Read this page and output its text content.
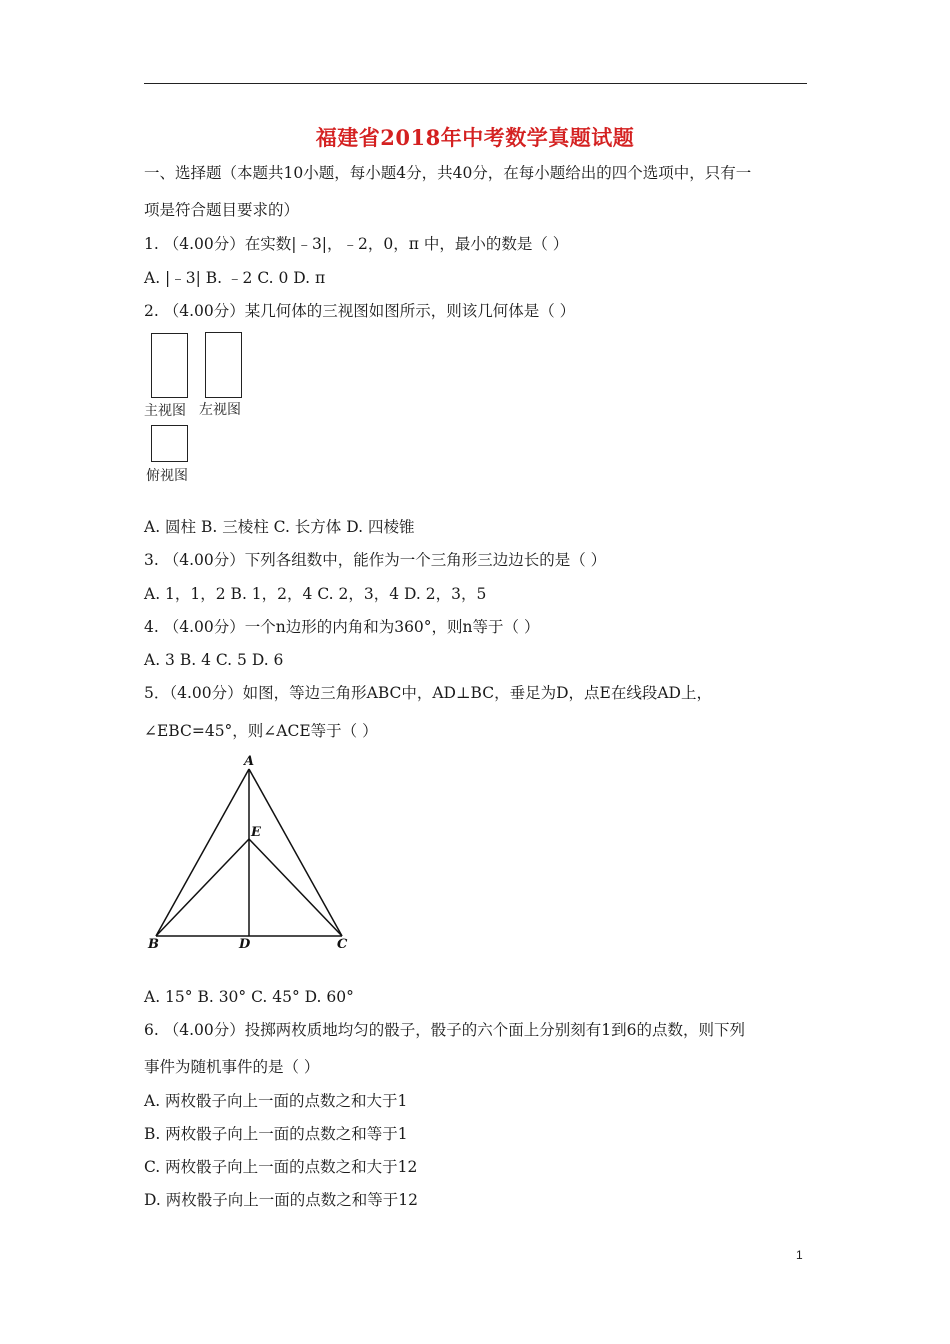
福建省2018年中考数学真题试题
一、选择题（本题共10小题，每小题4分，共40分，在每小题给出的四个选项中，只有一
项是符合题目要求的）
1. （4.00分）在实数|﹣3|，﹣2，0，π 中，最小的数是（ ）
A. |﹣3| B. ﹣2 C. 0 D. π
2. （4.00分）某几何体的三视图如图所示，则该几何体是（ ）
主视图 左视图
俯视图
A. 圆柱 B. 三棱柱 C. 长方体 D. 四棱锥
3. （4.00分）下列各组数中，能作为一个三角形三边边长的是（ ）
A. 1，1，2 B. 1，2，4 C. 2，3，4 D. 2，3，5
4. （4.00分）一个n边形的内角和为360°，则n等于（ ）
A. 3 B. 4 C. 5 D. 6
5．（4.00分）如图，等边三角形ABC中，AD⊥BC，垂足为D，点E在线段AD上，
∠EBC=45°，则∠ACE等于（ ）
A
B	C
D
E
A. 15° B. 30° C. 45° D. 60°
6. （4.00分）投掷两枚质地均匀的骰子，骰子的六个面上分别刻有1到6的点数，则下列
事件为随机事件的是（ ）
A. 两枚骰子向上一面的点数之和大于1
B. 两枚骰子向上一面的点数之和等于1
C. 两枚骰子向上一面的点数之和大于12
D. 两枚骰子向上一面的点数之和等于12
1
